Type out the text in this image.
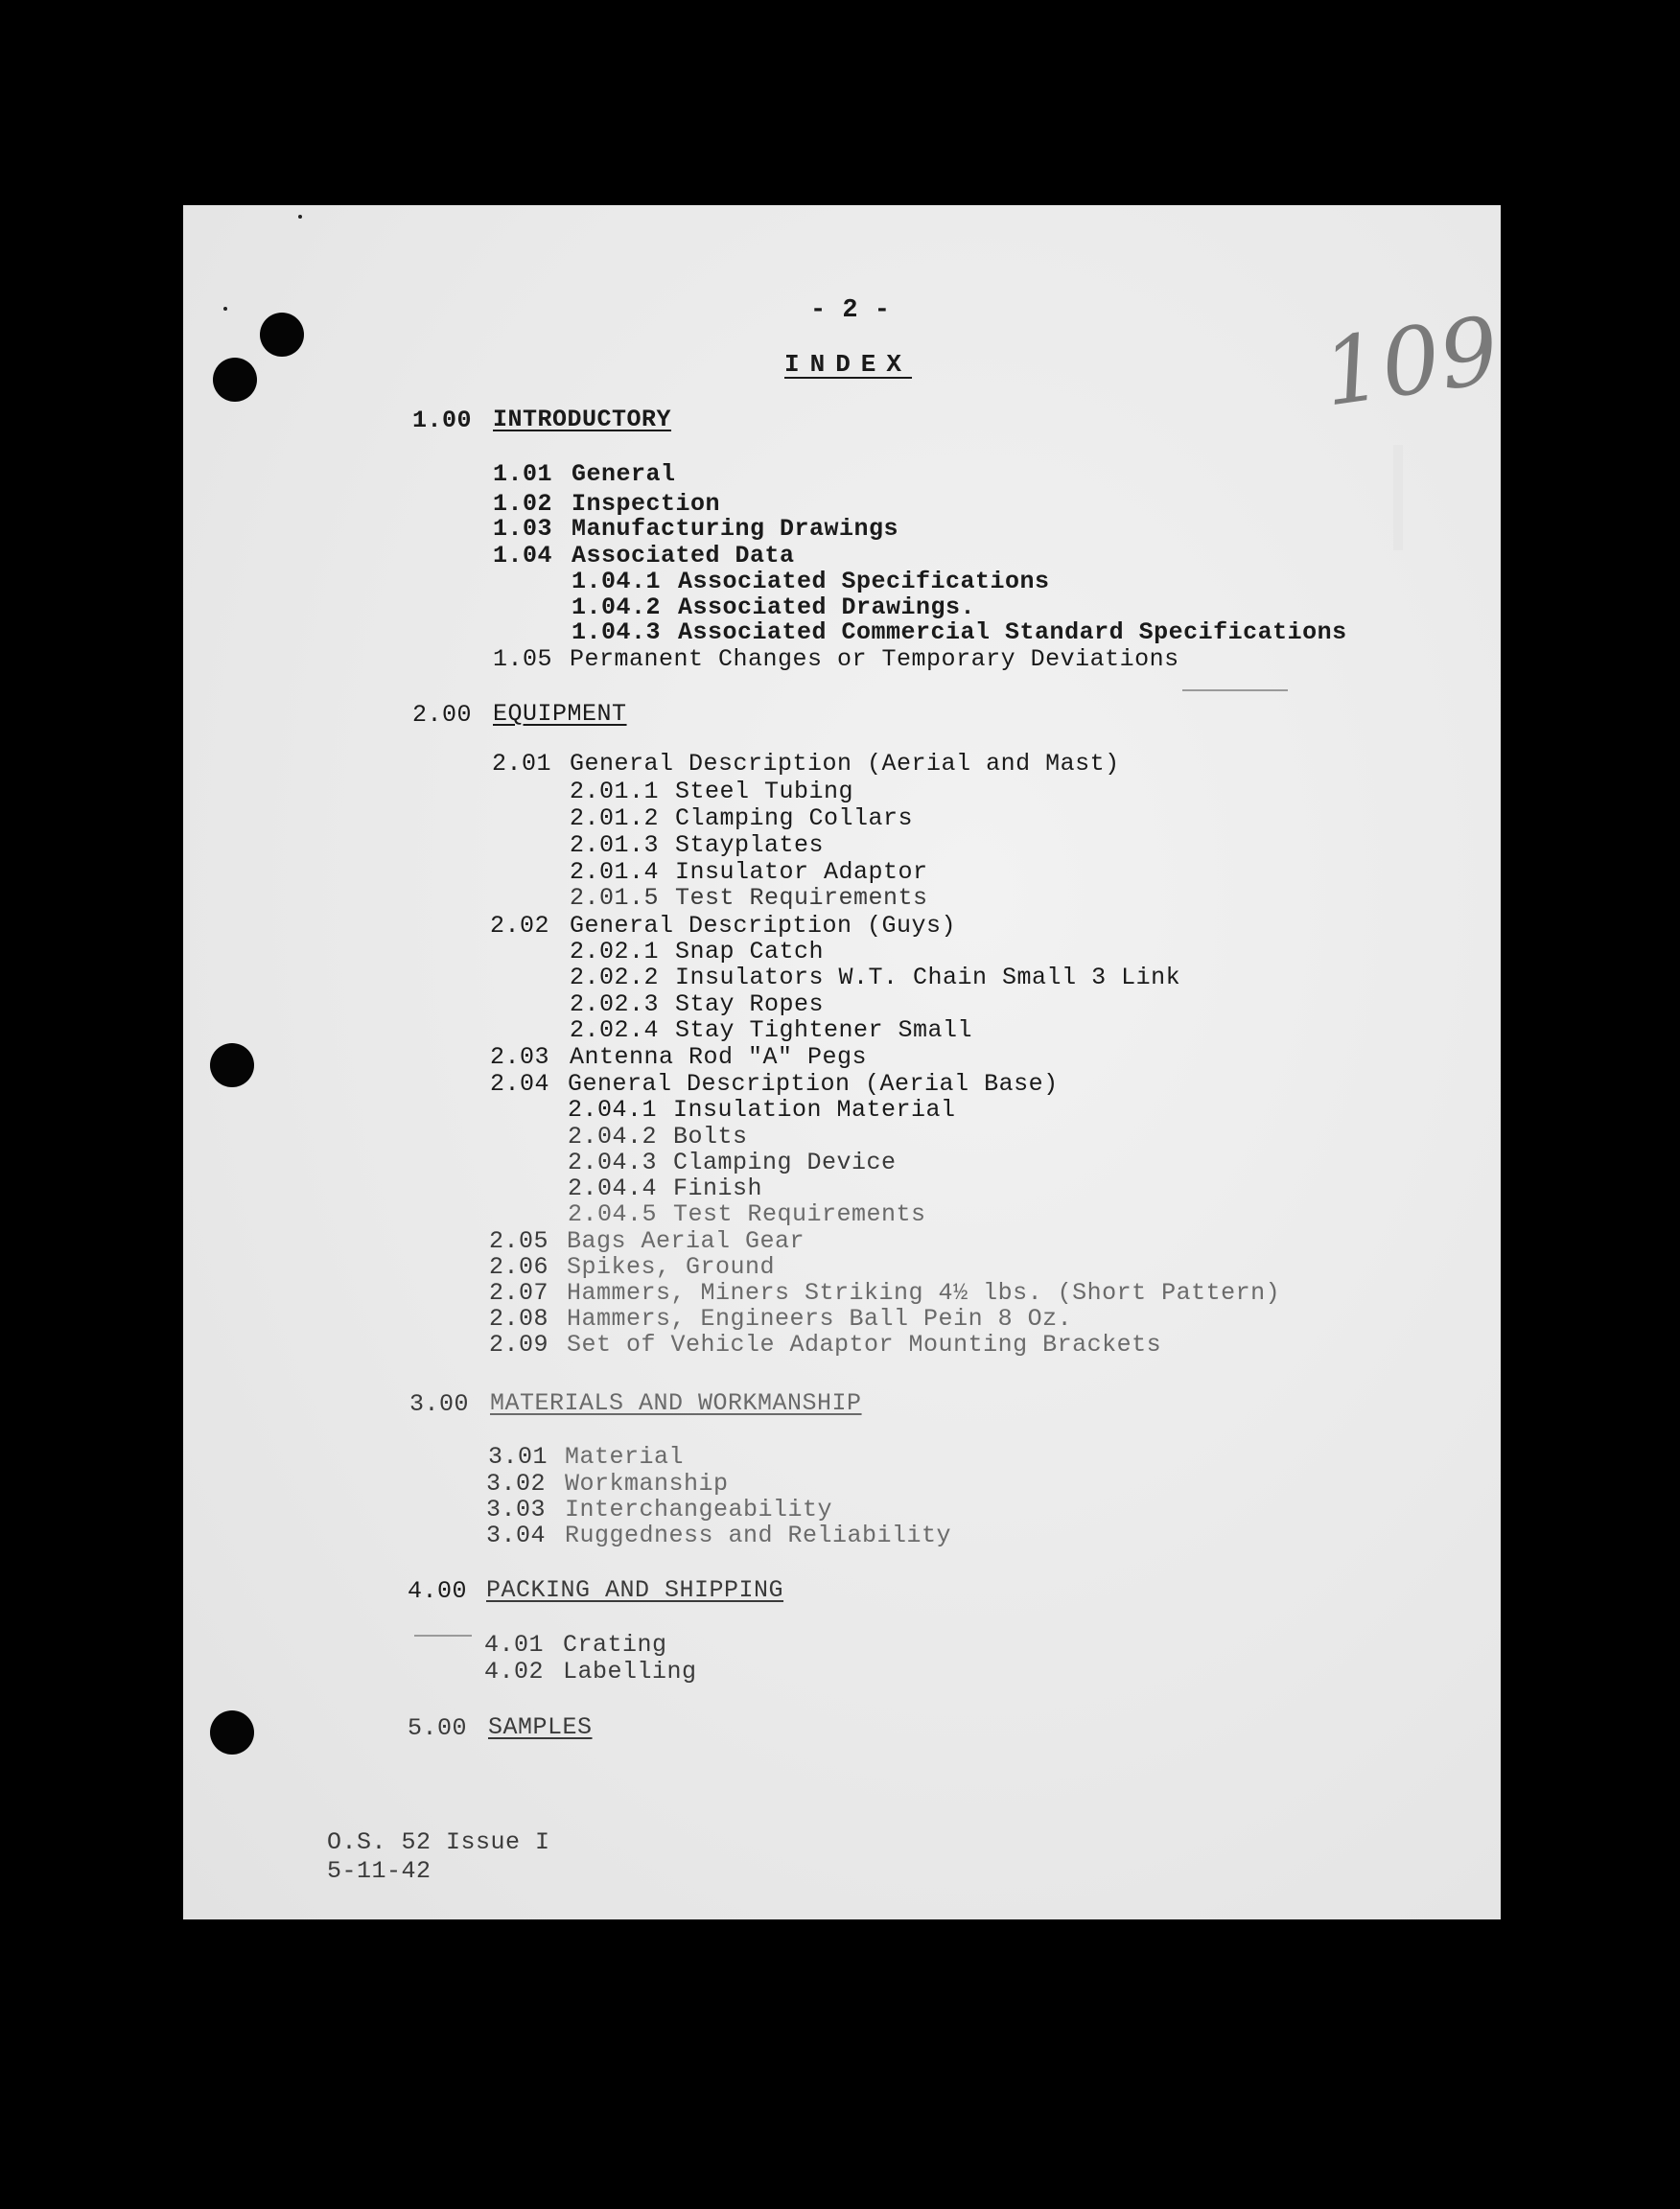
109
- 2 -
INDEX
1.00 INTRODUCTORY
1.01 General
1.02 Inspection
1.03 Manufacturing Drawings
1.04 Associated Data
1.04.1 Associated Specifications
1.04.2 Associated Drawings.
1.04.3 Associated Commercial Standard Specifications
1.05 Permanent Changes or Temporary Deviations
2.00 EQUIPMENT
2.01 General Description (Aerial and Mast)
2.01.1 Steel Tubing
2.01.2 Clamping Collars
2.01.3 Stayplates
2.01.4 Insulator Adaptor
2.01.5 Test Requirements
2.02 General Description (Guys)
2.02.1 Snap Catch
2.02.2 Insulators W.T. Chain Small 3 Link
2.02.3 Stay Ropes
2.02.4 Stay Tightener Small
2.03 Antenna Rod "A" Pegs
2.04 General Description (Aerial Base)
2.04.1 Insulation Material
2.04.2 Bolts
2.04.3 Clamping Device
2.04.4 Finish
2.04.5 Test Requirements
2.05 Bags Aerial Gear
2.06 Spikes, Ground
2.07 Hammers, Miners Striking 4½ lbs. (Short Pattern)
2.08 Hammers, Engineers Ball Pein 8 Oz.
2.09 Set of Vehicle Adaptor Mounting Brackets
3.00 MATERIALS AND WORKMANSHIP
3.01 Material
3.02 Workmanship
3.03 Interchangeability
3.04 Ruggedness and Reliability
4.00 PACKING AND SHIPPING
4.01 Crating
4.02 Labelling
5.00 SAMPLES
O.S. 52 Issue I
5-11-42
